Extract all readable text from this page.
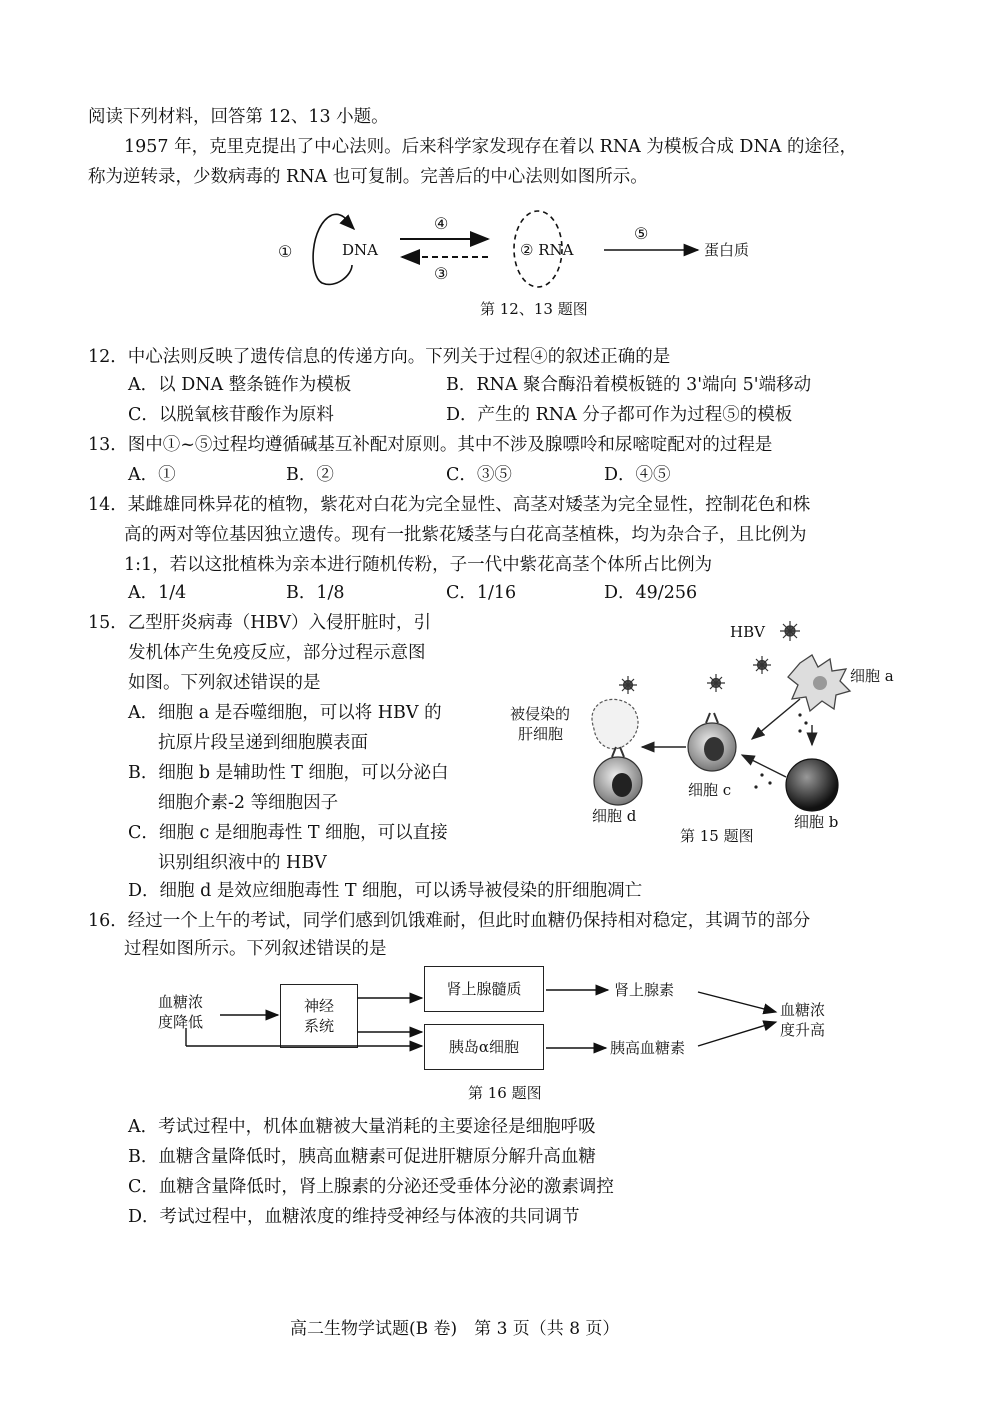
阅读下列材料，回答第 12、13 小题。
1957 年，克里克提出了中心法则。后来科学家发现存在着以 RNA 为模板合成 DNA 的途径，
称为逆转录，少数病毒的 RNA 也可复制。完善后的中心法则如图所示。
①	DNA
④
③
② RNA
⑤
蛋白质
第 12、13 题图
12．中心法则反映了遗传信息的传递方向。下列关于过程④的叙述正确的是
A．以 DNA 整条链作为模板	B．RNA 聚合酶沿着模板链的 3'端向 5'端移动
C．以脱氧核苷酸作为原料	D．产生的 RNA 分子都可作为过程⑤的模板
13．图中①~⑤过程均遵循碱基互补配对原则。其中不涉及腺嘌呤和尿嘧啶配对的过程是
A．①	B．②	C．③⑤	D．④⑤
14．某雌雄同株异花的植物，紫花对白花为完全显性、高茎对矮茎为完全显性，控制花色和株
高的两对等位基因独立遗传。现有一批紫花矮茎与白花高茎植株，均为杂合子，且比例为
1:1，若以这批植株为亲本进行随机传粉，子一代中紫花高茎个体所占比例为
A．1/4	B．1/8	C．1/16	D．49/256
15．乙型肝炎病毒（HBV）入侵肝脏时，引
发机体产生免疫反应，部分过程示意图
如图。下列叙述错误的是
A．细胞 a 是吞噬细胞，可以将 HBV 的
抗原片段呈递到细胞膜表面
B．细胞 b 是辅助性 T 细胞，可以分泌白
细胞介素-2 等细胞因子
C．细胞 c 是细胞毒性 T 细胞，可以直接
识别组织液中的 HBV
D．细胞 d 是效应细胞毒性 T 细胞，可以诱导被侵染的肝细胞凋亡
HBV
细胞 a
被侵染的
肝细胞
细胞 d
细胞 c
细胞 b
第 15 题图
16．经过一个上午的考试，同学们感到饥饿难耐，但此时血糖仍保持相对稳定，其调节的部分
过程如图所示。下列叙述错误的是
血糖浓
度降低
神经
系统
肾上腺髓质
胰岛α细胞
肾上腺素
胰高血糖素
血糖浓
度升高
第 16 题图
A．考试过程中，机体血糖被大量消耗的主要途径是细胞呼吸
B．血糖含量降低时，胰高血糖素可促进肝糖原分解升高血糖
C．血糖含量降低时，肾上腺素的分泌还受垂体分泌的激素调控
D．考试过程中，血糖浓度的维持受神经与体液的共同调节
高二生物学试题(B 卷)　第 3 页（共 8 页）
